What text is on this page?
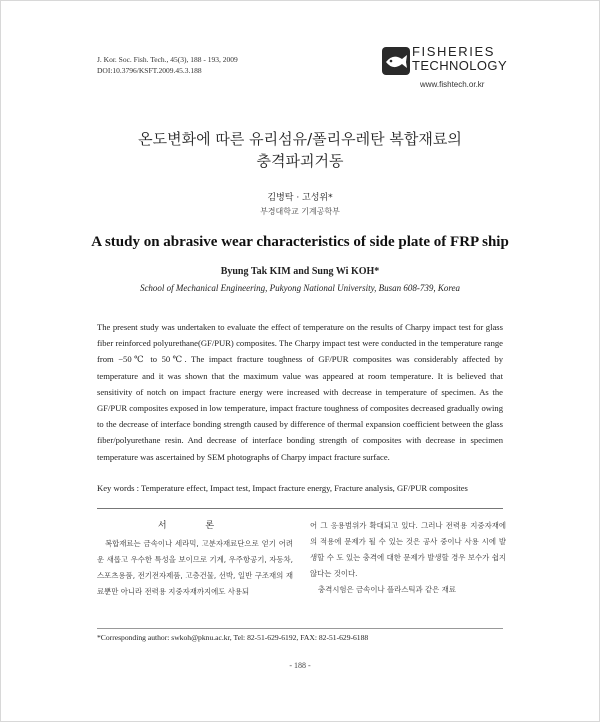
J. Kor. Soc. Fish. Tech., 45(3), 188 - 193, 2009
DOI:10.3796/KSFT.2009.45.3.188
FISHERIES
TECHNOLOGY
www.fishtech.or.kr
온도변화에 따른 유리섬유/폴리우레탄 복합재료의
충격파괴거동
김병탁 · 고성위*
부경대학교 기계공학부
A study on abrasive wear characteristics of side plate of FRP ship
Byung Tak KIM and Sung Wi KOH*
School of Mechanical Engineering, Pukyong National University, Busan 608-739, Korea
The present study was undertaken to evaluate the effect of temperature on the results of Charpy impact test for glass fiber reinforced polyurethane(GF/PUR) composites. The Charpy impact test were conducted in the temperature range from −50℃ to 50℃. The impact fracture toughness of GF/PUR composites was considerably affected by temperature and it was shown that the maximum value was appeared at room temperature. It is believed that sensitivity of notch on impact fracture energy were increased with decrease in temperature of specimen. As the GF/PUR composites exposed in low temperature, impact fracture toughness of composites decreased gradually owing to the decrease of interface bonding strength caused by difference of thermal expansion coefficient between the glass fiber/polyurethane resin. And decrease of interface bonding strength of composites with decrease in specimen temperature was ascertained by SEM photographs of Charpy impact fracture surface.
Key words : Temperature effect, Impact test, Impact fracture energy, Fracture analysis, GF/PUR composites
서 론
복합재료는 금속이나 세라믹, 고분자재료단으로 얻기 어려운 새롭고 우수한 특성을 보이므로 기계, 우주항공기, 자동차, 스포츠용품, 전기전자제품, 고층건물, 선박, 일반 구조재의 재료뿐만 아니라 전력용 지중자재까지에도 사용되
어 그 응용범위가 확대되고 있다. 그러나 전력용 지중자재에의 적용에 문제가 될 수 있는 것은 공사 중이나 사용 시에 발생할 수 도 있는 충격에 대한 문제가 발생할 경우 보수가 쉽지 않다는 것이다.
충격시험은 금속이나 플라스틱과 같은 재료
*Corresponding author: swkoh@pknu.ac.kr, Tel: 82-51-629-6192, FAX: 82-51-629-6188
- 188 -
